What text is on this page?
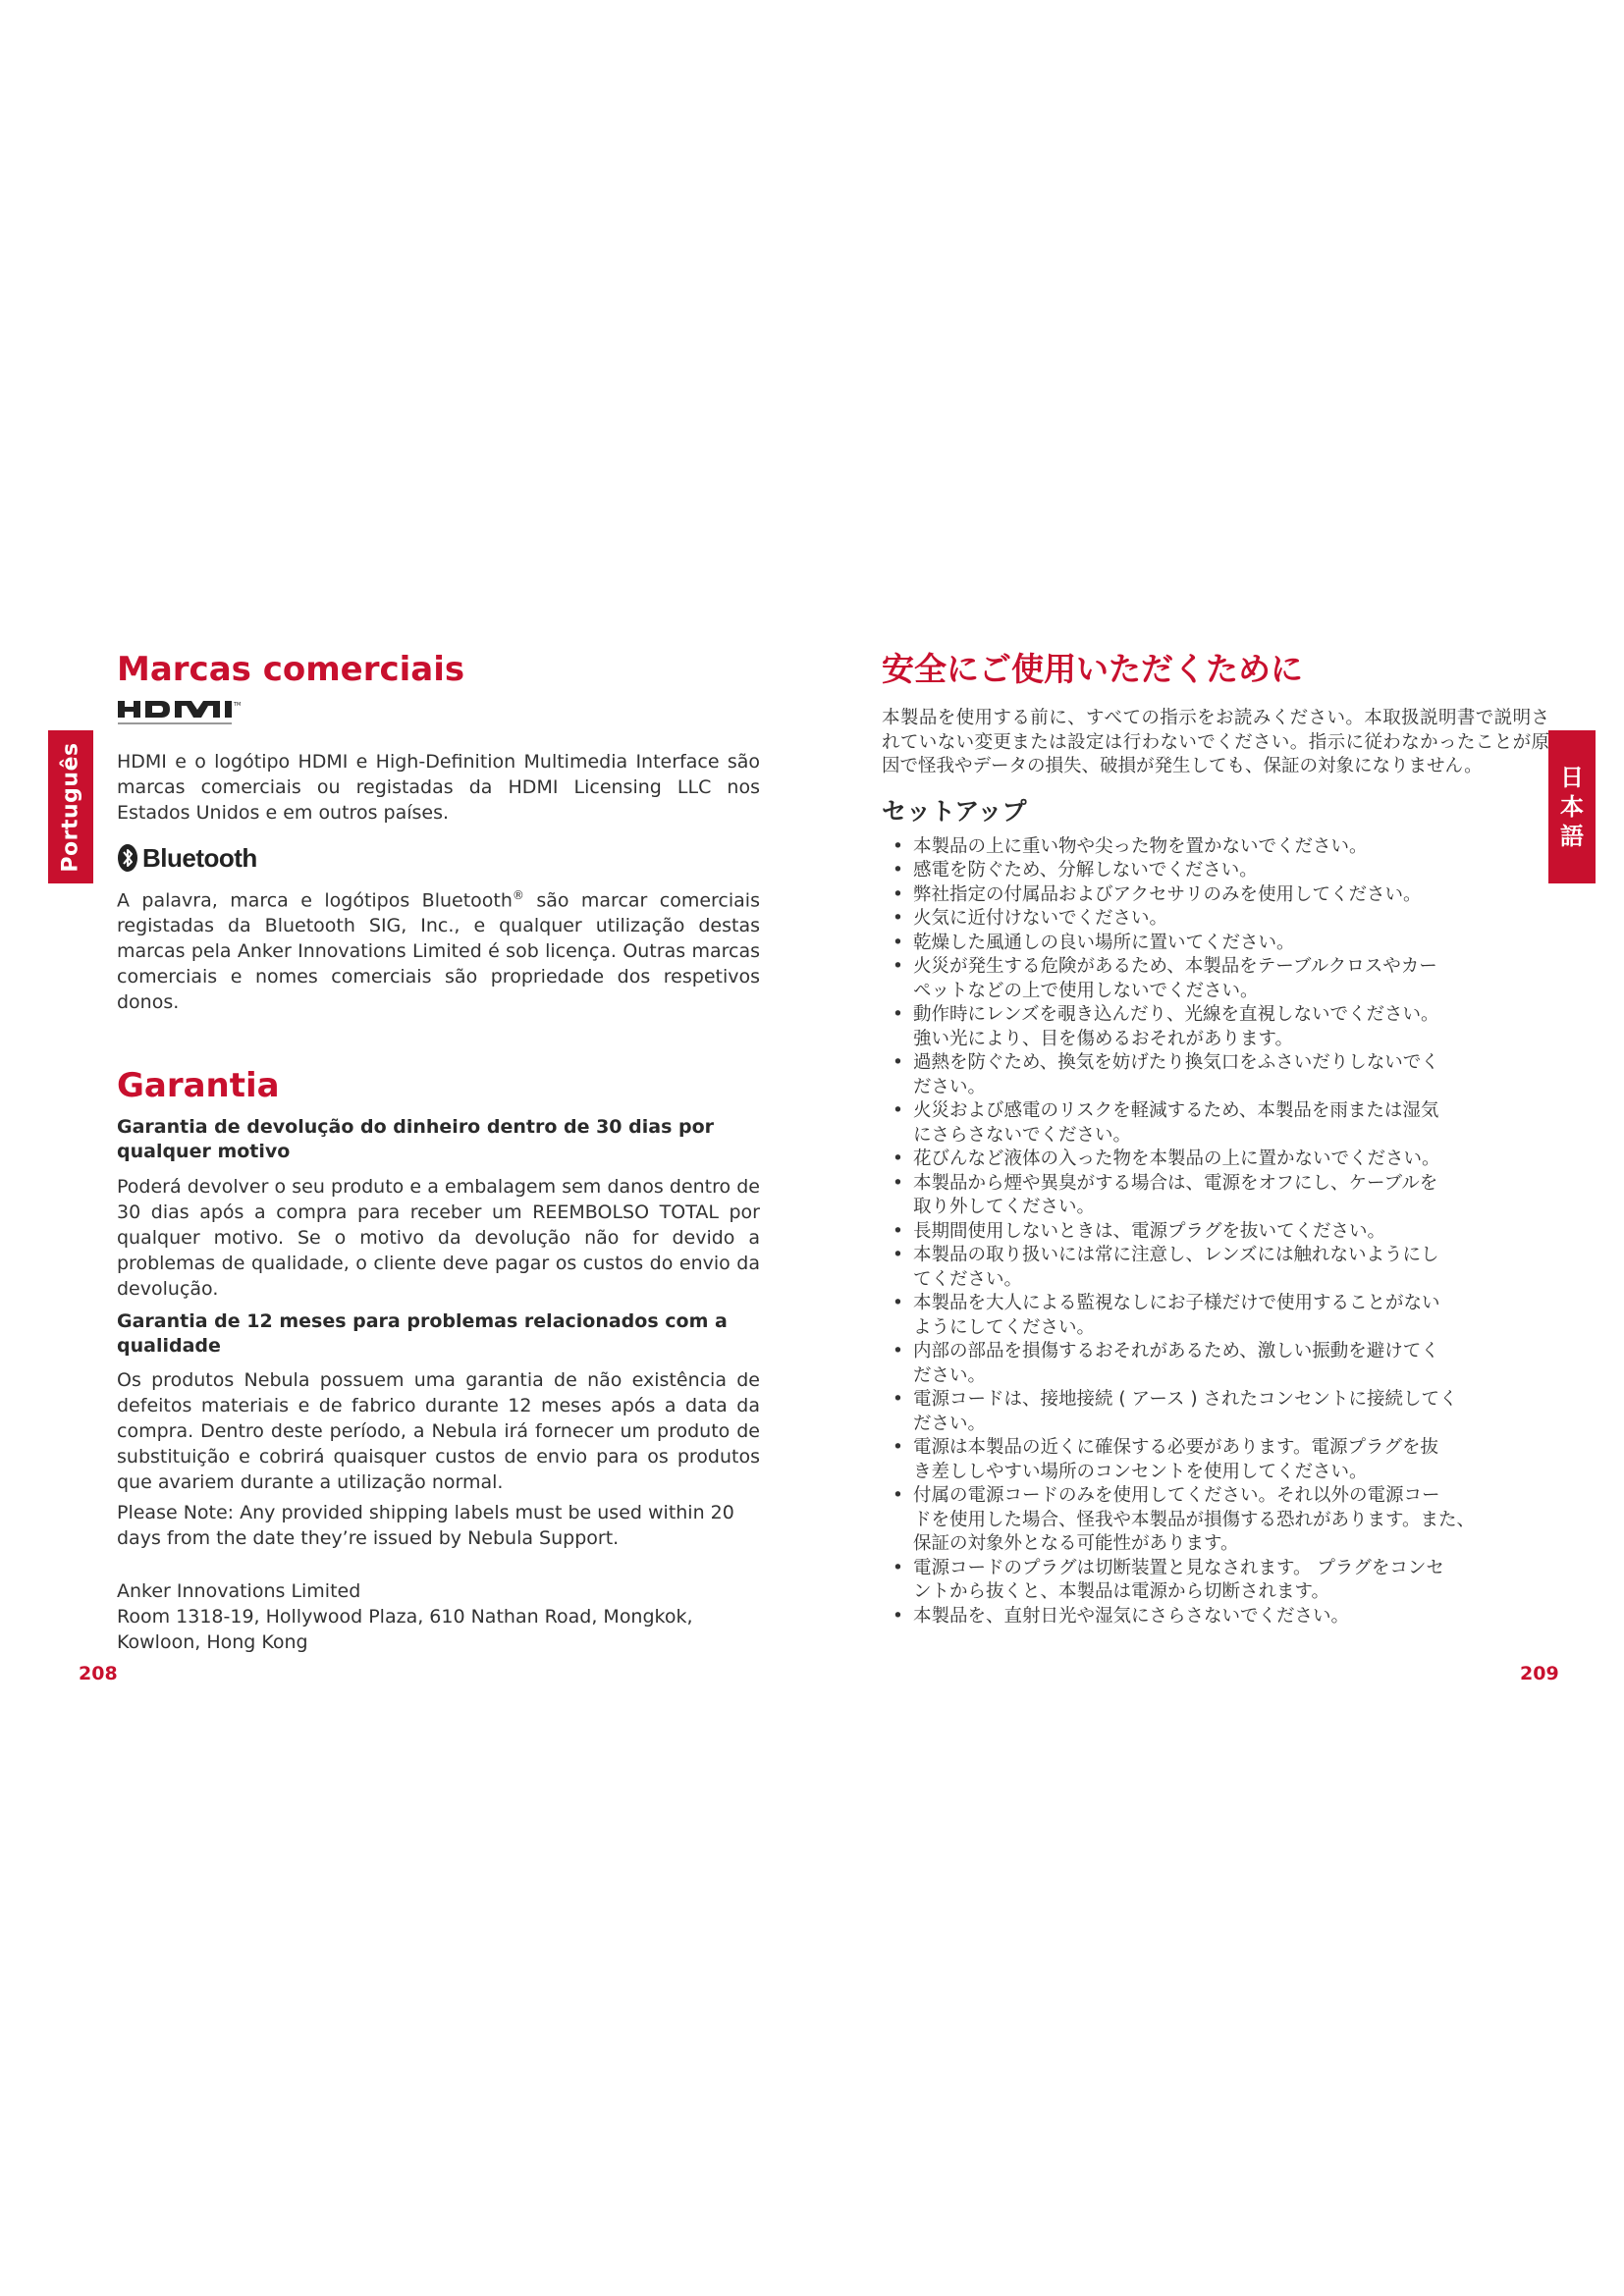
Português	日本語
Marcas comerciais
TM

HDMI e o logótipo HDMI e High-Definition Multimedia Interface são marcas comerciais ou registadas da HDMI Licensing LLC nos Estados Unidos e em outros países.

Bluetooth

A palavra, marca e logótipos Bluetooth® são marcar comerciais registadas da Bluetooth SIG, Inc., e qualquer utilização destas marcas pela Anker Innovations Limited é sob licença. Outras marcas comerciais e nomes comerciais são propriedade dos respetivos donos.

Garantia
Garantia de devolução do dinheiro dentro de 30 dias por qualquer motivo

Poderá devolver o seu produto e a embalagem sem danos dentro de 30 dias após a compra para receber um REEMBOLSO TOTAL por qualquer motivo. Se o motivo da devolução não for devido a problemas de qualidade, o cliente deve pagar os custos do envio da devolução.

Garantia de 12 meses para problemas relacionados com a qualidade

Os produtos Nebula possuem uma garantia de não existência de defeitos materiais e de fabrico durante 12 meses após a data da compra. Dentro deste período, a Nebula irá fornecer um produto de substituição e cobrirá quaisquer custos de envio para os produtos que avariem durante a utilização normal.

Please Note: Any provided shipping labels must be used within 20 days from the date they’re issued by Nebula Support.

Anker Innovations Limited

Room 1318-19, Hollywood Plaza, 610 Nathan Road, Mongkok,

Kowloon, Hong Kong

安全にご使用いただくために

本製品を使用する前に、すべての指示をお読みください。本取扱説明書で説明されていない変更または設定は行わないでください。指示に従わなかったことが原因で怪我やデータの損失、破損が発生しても、保証の対象になりません。

セットアップ
• 本製品の上に重い物や尖った物を置かないでください。
• 感電を防ぐため、分解しないでください。
• 弊社指定の付属品およびアクセサリのみを使用してください。
• 火気に近付けないでください。
• 乾燥した風通しの良い場所に置いてください。
• 火災が発生する危険があるため、本製品をテーブルクロスやカー
ペットなどの上で使用しないでください。
• 動作時にレンズを覗き込んだり、光線を直視しないでください。
強い光により、目を傷めるおそれがあります。
• 過熱を防ぐため、換気を妨げたり換気口をふさいだりしないでく
ださい。
• 火災および感電のリスクを軽減するため、本製品を雨または湿気
にさらさないでください。
• 花びんなど液体の入った物を本製品の上に置かないでください。
• 本製品から煙や異臭がする場合は、電源をオフにし、ケーブルを
取り外してください。
• 長期間使用しないときは、電源プラグを抜いてください。
• 本製品の取り扱いには常に注意し、レンズには触れないようにし
てください。
• 本製品を大人による監視なしにお子様だけで使用することがない
ようにしてください。
• 内部の部品を損傷するおそれがあるため、激しい振動を避けてく
ださい。
• 電源コードは、接地接続 ( アース ) されたコンセントに接続してく
ださい。
• 電源は本製品の近くに確保する必要があります。電源プラグを抜
き差ししやすい場所のコンセントを使用してください。
• 付属の電源コードのみを使用してください。それ以外の電源コー
ドを使用した場合、怪我や本製品が損傷する恐れがあります。また、
保証の対象外となる可能性があります。
• 電源コードのプラグは切断装置と見なされます。 プラグをコンセ
ントから抜くと、本製品は電源から切断されます。
• 本製品を、直射日光や湿気にさらさないでください。
208	209
